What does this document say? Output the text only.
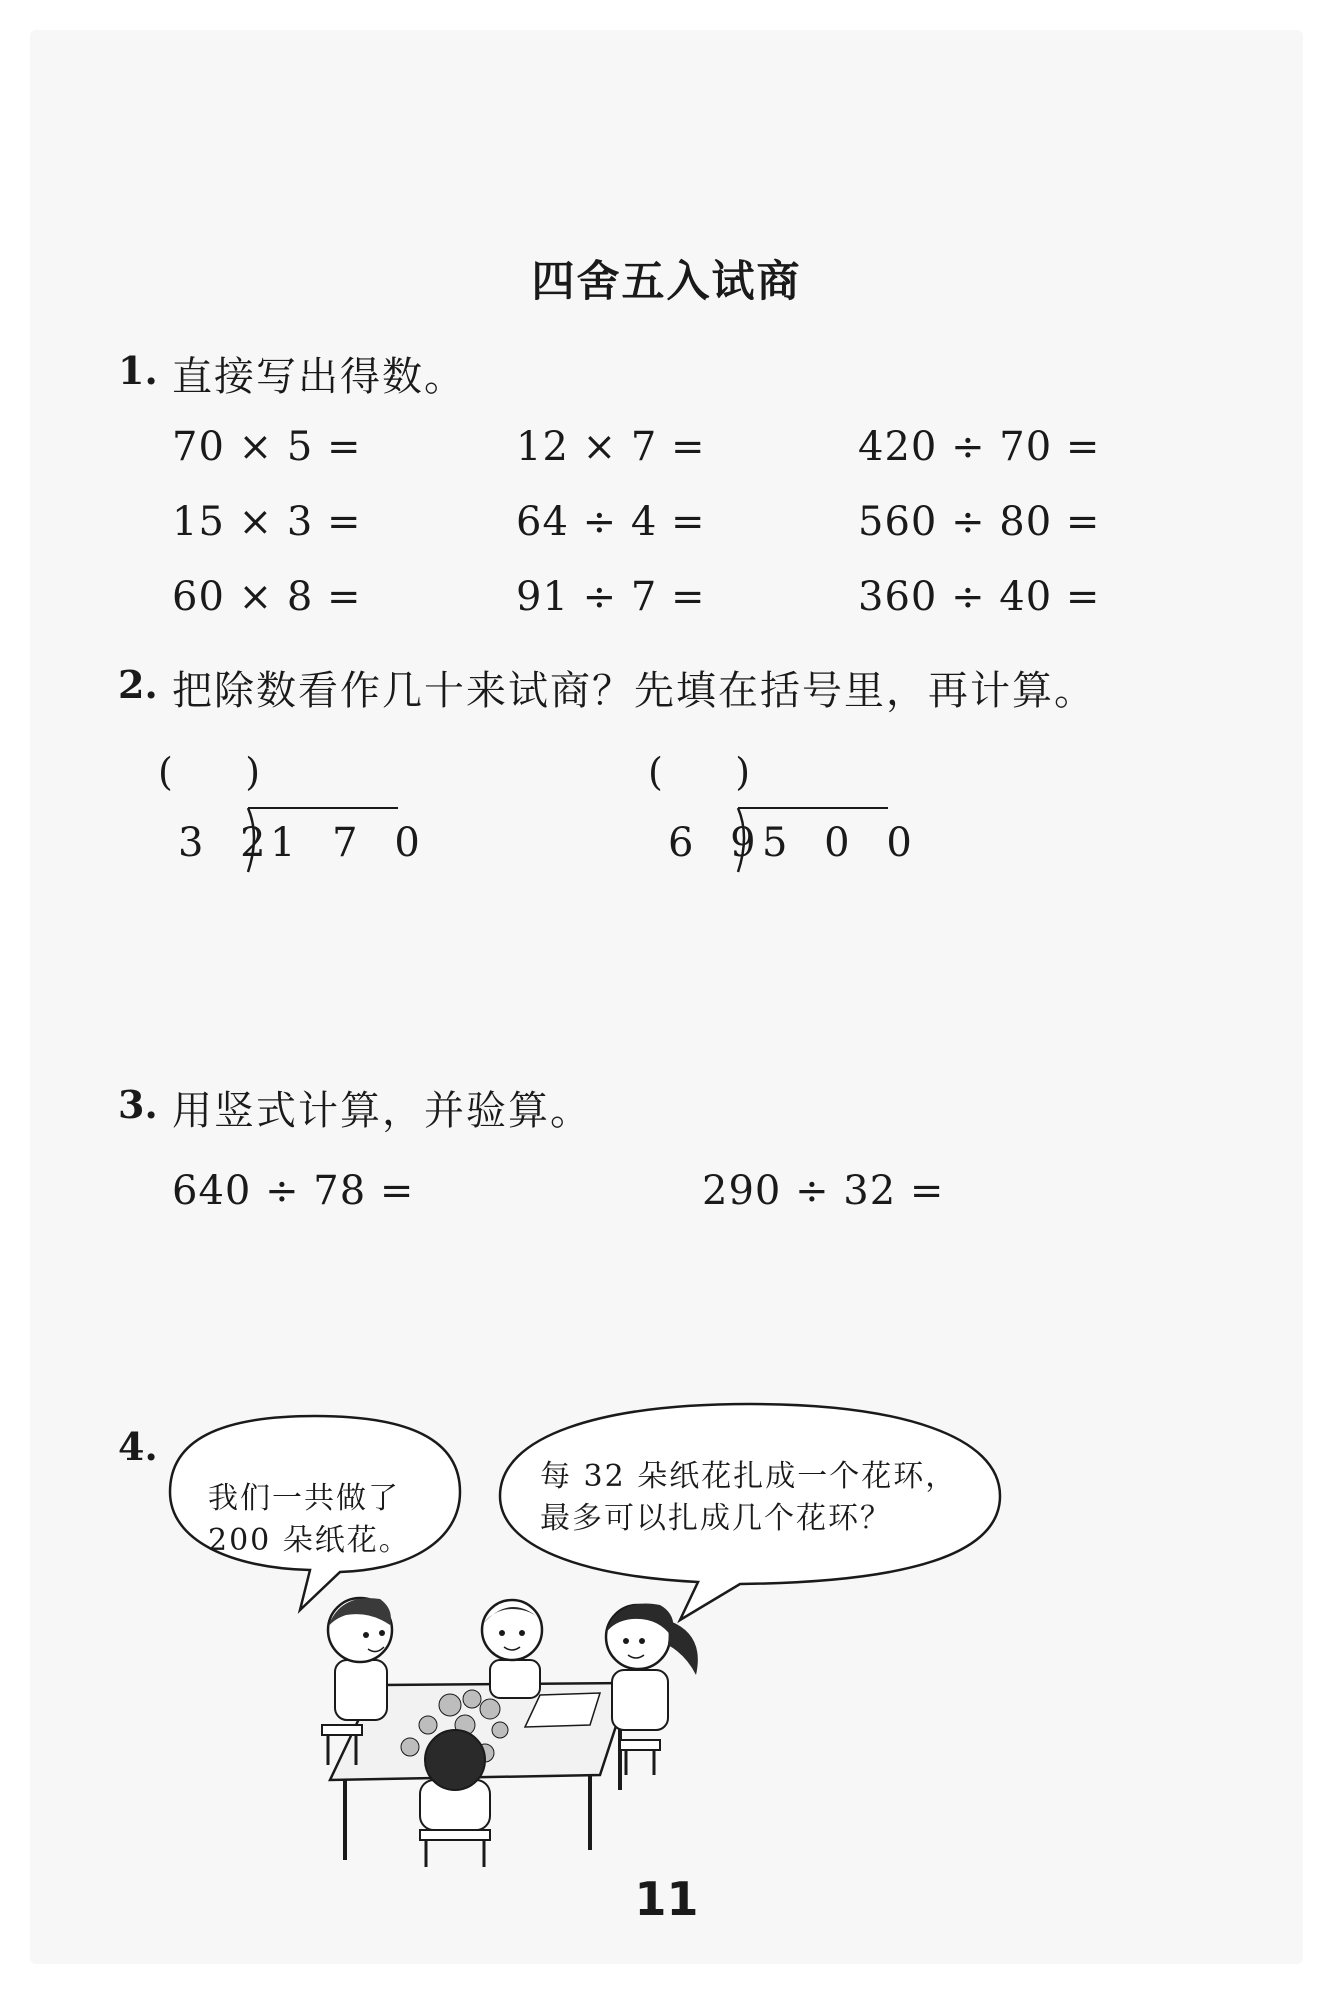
四舍五入试商
1. 直接写出得数。
70 × 5 =	12 × 7 =	420 ÷ 70 =
15 × 3 =	64 ÷ 4 =	560 ÷ 80 =
60 × 8 =	91 ÷ 7 =	360 ÷ 40 =
2. 把除数看作几十来试商？先填在括号里，再计算。
(      )
3 2
1 7 0
(      )
6 9
5 0 0
3. 用竖式计算，并验算。
640 ÷ 78 =	290 ÷ 32 =
4.
我们一共做了
200 朵纸花。
每 32 朵纸花扎成一个花环，
最多可以扎成几个花环？
11
